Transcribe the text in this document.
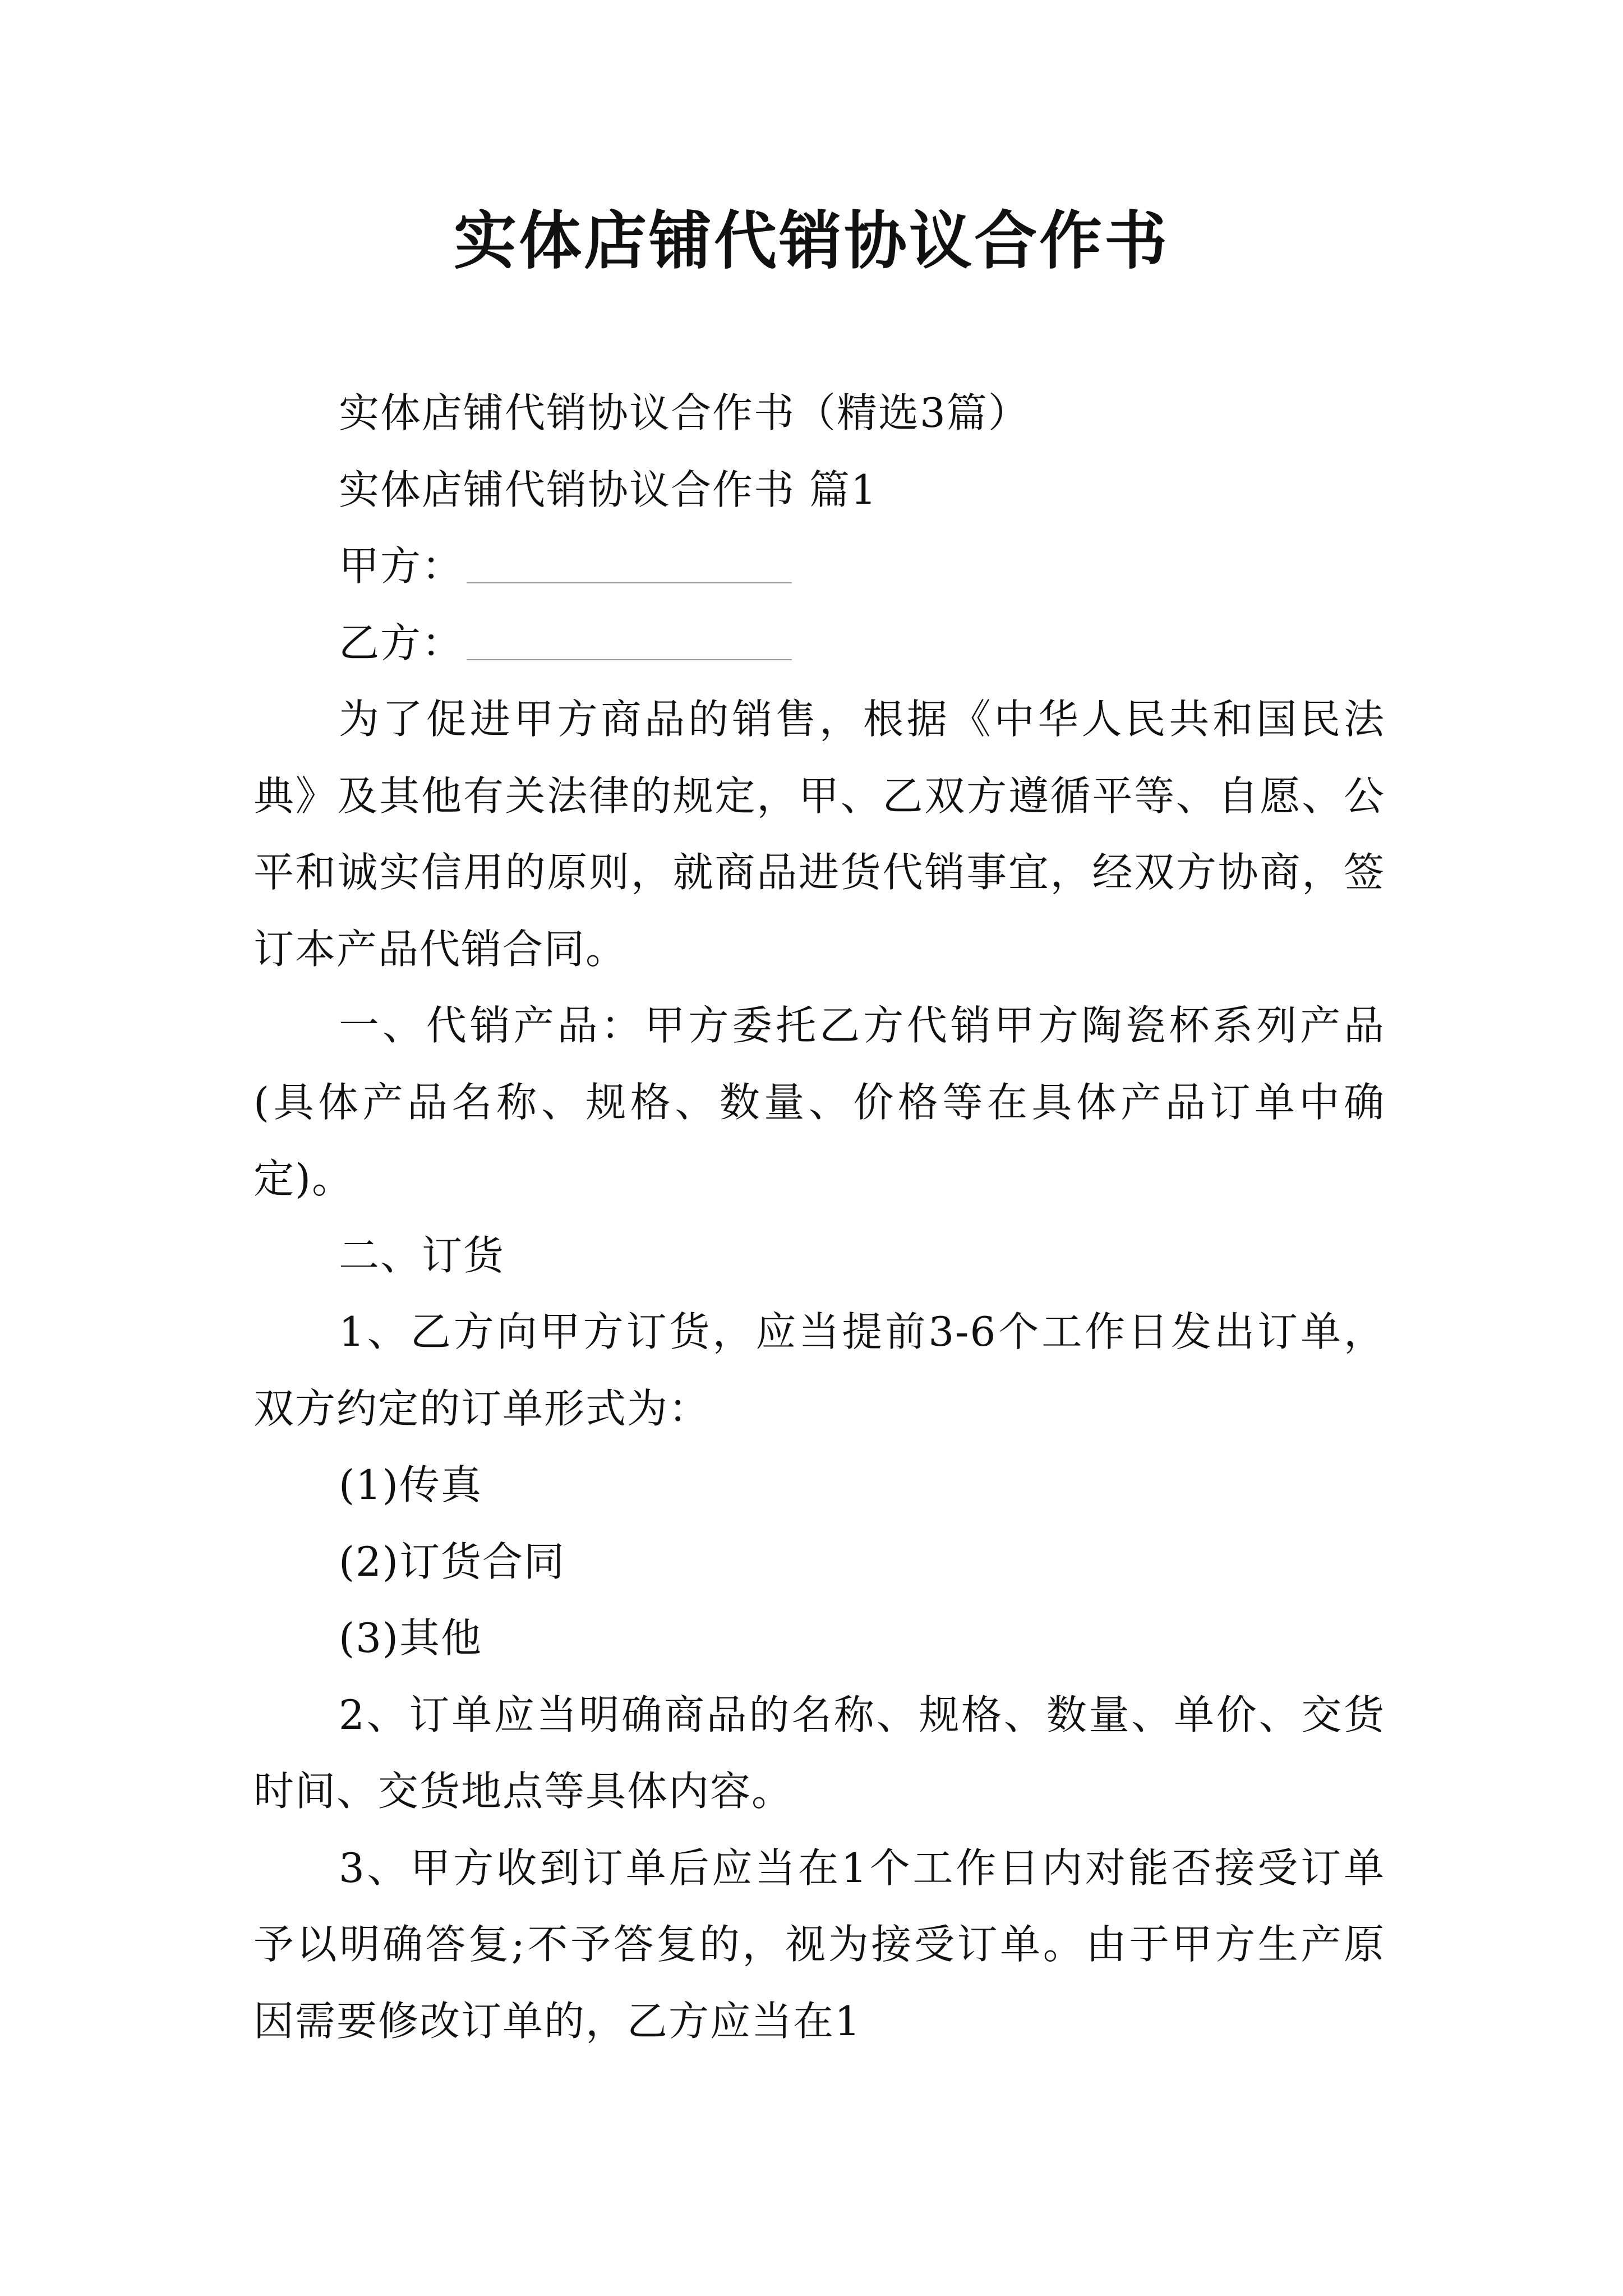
实体店铺代销协议合作书

实体店铺代销协议合作书（精选3篇）

实体店铺代销协议合作书 篇1

甲方：

乙方：

为了促进甲方商品的销售，根据《中华人民共和国民法典》及其他有关法律的规定，甲、乙双方遵循平等、自愿、公平和诚实信用的原则，就商品进货代销事宜，经双方协商，签订本产品代销合同。

一、代销产品：甲方委托乙方代销甲方陶瓷杯系列产品(具体产品名称、规格、数量、价格等在具体产品订单中确定)。

二、订货

1、乙方向甲方订货，应当提前3-6个工作日发出订单，双方约定的订单形式为：

(1)传真

(2)订货合同

(3)其他

2、订单应当明确商品的名称、规格、数量、单价、交货时间、交货地点等具体内容。

3、甲方收到订单后应当在1个工作日内对能否接受订单予以明确答复;不予答复的，视为接受订单。由于甲方生产原因需要修改订单的，乙方应当在1
